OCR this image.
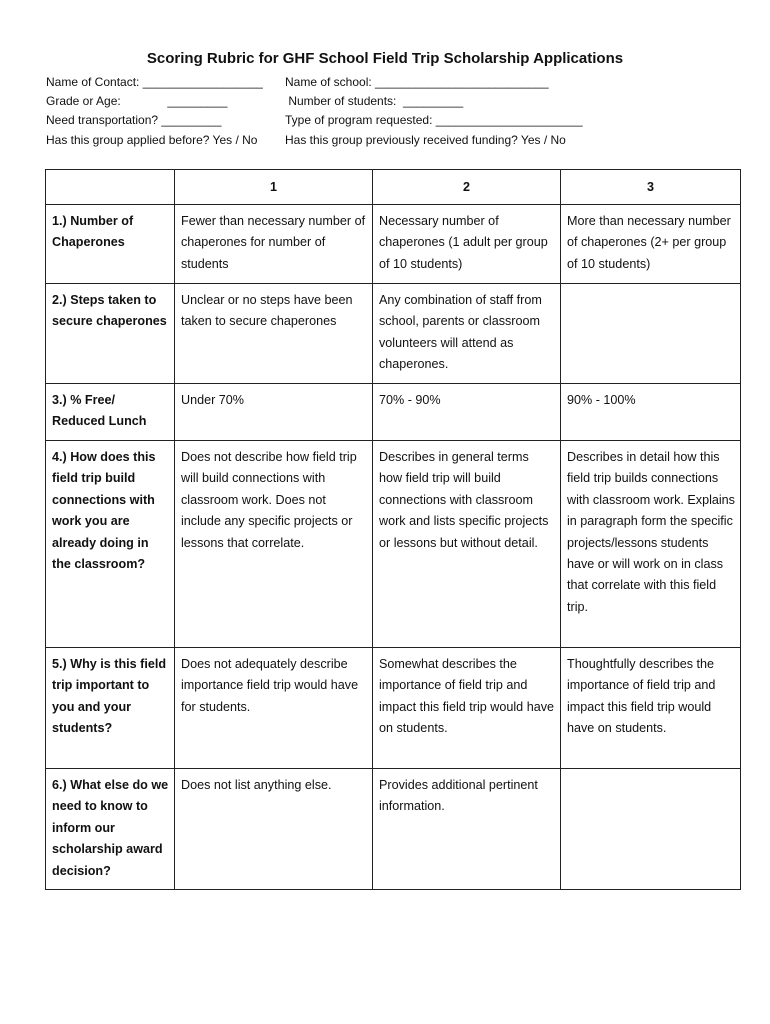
Scoring Rubric for GHF School Field Trip Scholarship Applications
Name of Contact: __________________
Grade or Age:              _________
Need transportation? _________
Has this group applied before? Yes / No
Name of school: __________________________
Number of students:  _________
Type of program requested: ______________________
Has this group previously received funding? Yes / No
	1	2	3
1.) Number of Chaperones	Fewer than necessary number of chaperones for number of students	Necessary number of chaperones (1 adult per group of 10 students)	More than necessary number of chaperones (2+ per group of 10 students)
2.) Steps taken to secure chaperones	Unclear or no steps have been taken to secure chaperones	Any combination of staff from school, parents or classroom volunteers will attend as chaperones.	
3.) % Free/ Reduced Lunch	Under 70%	70% - 90%	90% - 100%
4.) How does this field trip build connections with work you are already doing in the classroom?	Does not describe how field trip will build connections with classroom work. Does not include any specific projects or lessons that correlate.	Describes in general terms how field trip will build connections with classroom work and lists specific projects or lessons but without detail.	Describes in detail how this field trip builds connections with classroom work. Explains in paragraph form the specific projects/lessons students have or will work on in class that correlate with this field trip.
5.) Why is this field trip important to you and your students?	Does not adequately describe importance field trip would have for students.	Somewhat describes the importance of field trip and impact this field trip would have on students.	Thoughtfully describes the importance of field trip and impact this field trip would have on students.
6.) What else do we need to know to inform our scholarship award decision?	Does not list anything else.	Provides additional pertinent information.	
